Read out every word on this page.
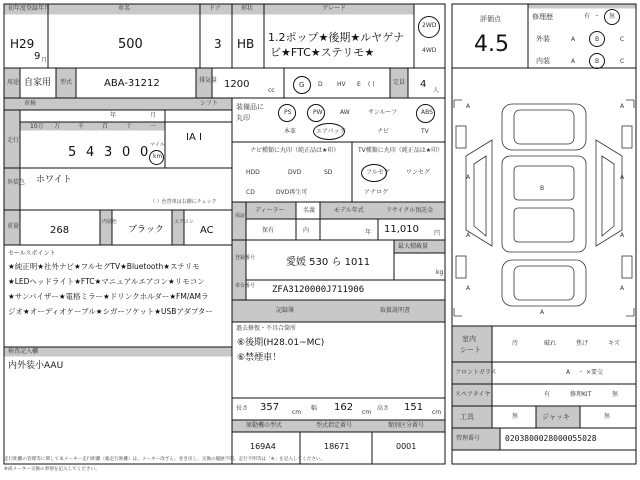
初年度登録年月
H29
9 月
車名
500
ドア
3
形状
HB
グレード
1.2ポップ★後期★ルヤゲナ
ビ★FTC★ステリモ★
2WD
4WD
評価点
4.5
修理歴	有 ・ 無
外装	A	B	C
内装	A	B	C
用途 自家用 型式	ABA-31212	排気量 1200
cc
G D HV E ( )	定員 4
人
車検
年	月
シフト
IA I
走行
10万 万	千	百	十	一
5 4 3 0 0 マイル
km
装備品に
丸印
PS	PW	AW	サンルーフ	ABS
本革	エアバッグ	ナビ	TV
ナビ種類に丸印（純正品は★印）
HDD	DVD	SD
CD	DVD再生可
TV種類に丸印（純正品は★印）
フルセグ	ワンセグ
アナログ
外装色 ホワイト
（ ）色替車は右側にチェック
重量	268
内装色
ブラック
エアコン
AC
保証
ディーラー	名義
保有	内
モデル年式
年
リサイクル預託金
11,010	円
セールスポイント
★純正明★社外ナビ★フルセグTV★Bluetooth★ステリモ
★LEDヘッドライト★FTC★マニュアルエアコン★リモコン
★サンバイザー★電格ミラー★ドリンクホルダー★FM/AMラ
ジオ★オーディオケーブル★シガーソケット★USBアダプター
登録番号	愛媛 530 ら 1011
最大積載量
kg
車台番号 ZFA3120000J711906
記録簿	取扱説明書
過去修復・不具合箇所
⑥後期(H28.01~MC)
⑥禁煙車！
検査記入欄
内外装小AAU
長さ 357 cm
幅 162 cm
高さ 151 cm
原動機の型式	型式指定番号	類別区分番号
169A4	18671	0001
室内
シート
汚	破れ	焦げ	キズ
フロントガラス	A ・ ×要交
スペアタイヤ	有	修理KIT	無
工具	無	ジャッキ	無
管理番号	0203800028000055028
走行距離の管理等に関して本メーター走行距離（総走行距離）は、メーター改ざん、巻き戻し、交換の履歴不明、走行不明等は「※」を記入してください。
※尚メーター交換の事情を記入してください。
A	A
A	A
B
A	A
A	A
A
